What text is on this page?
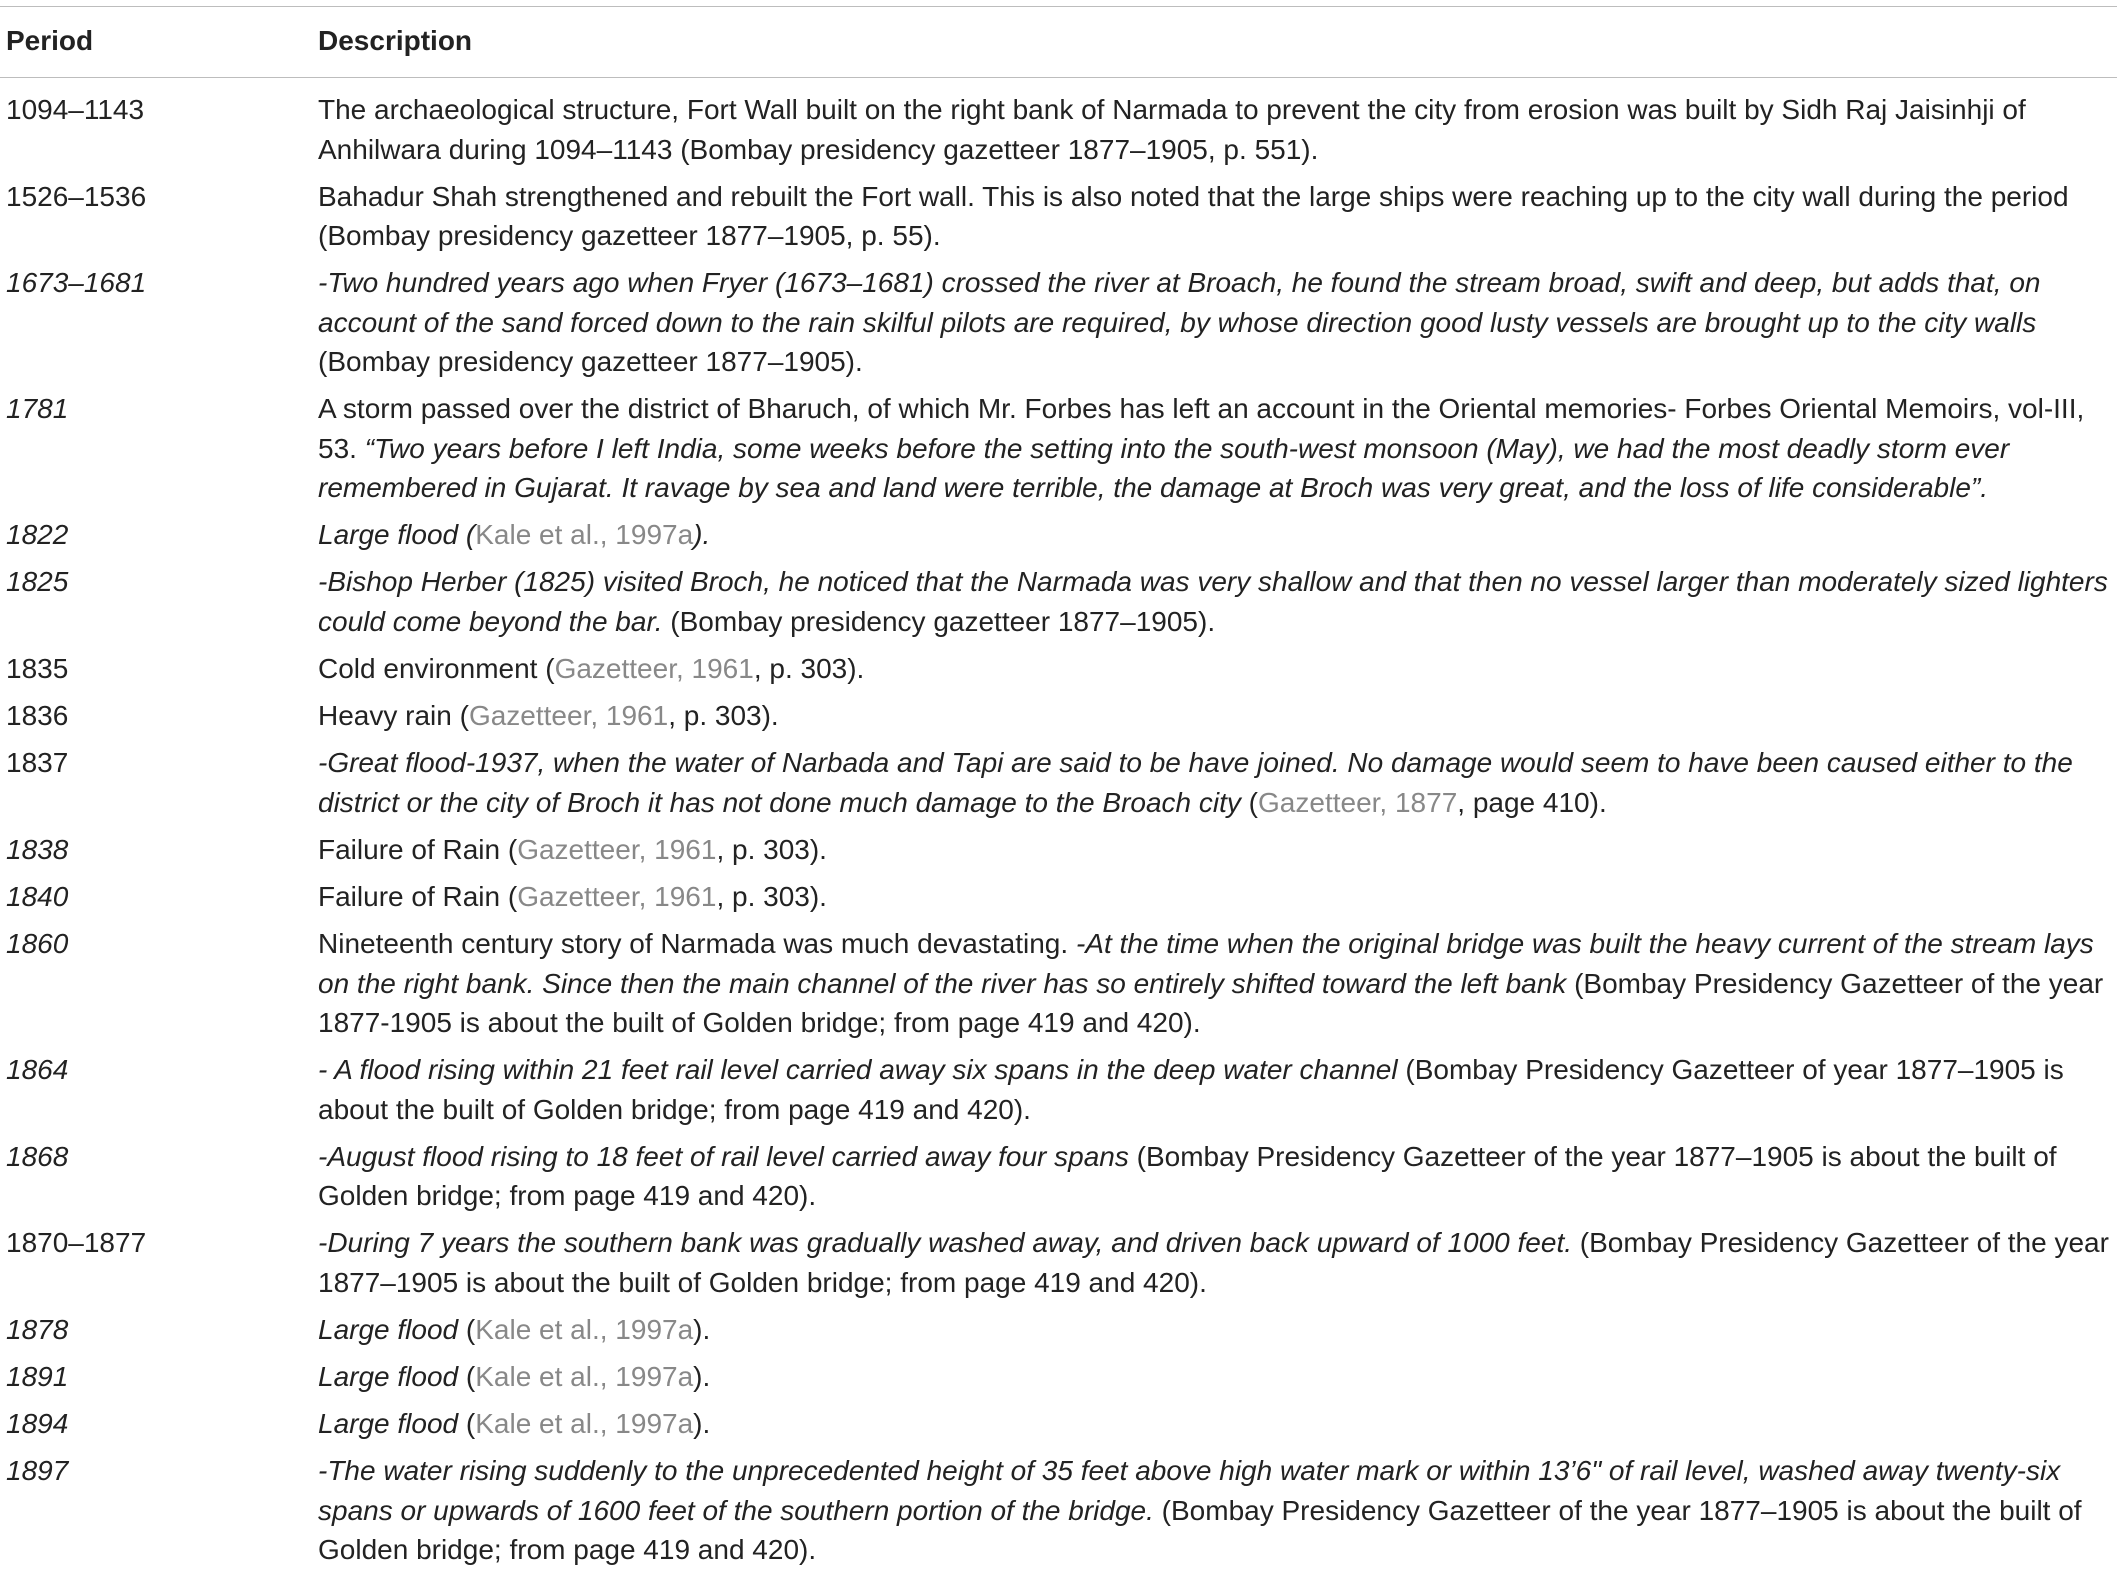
Period	Description
1094–1143	The archaeological structure, Fort Wall built on the right bank of Narmada to prevent the city from erosion was built by Sidh Raj Jaisinhji of Anhilwara during 1094–1143 (Bombay presidency gazetteer 1877–1905, p. 551).
1526–1536	Bahadur Shah strengthened and rebuilt the Fort wall. This is also noted that the large ships were reaching up to the city wall during the period (Bombay presidency gazetteer 1877–1905, p. 55).
1673–1681	-Two hundred years ago when Fryer (1673–1681) crossed the river at Broach, he found the stream broad, swift and deep, but adds that, on account of the sand forced down to the rain skilful pilots are required, by whose direction good lusty vessels are brought up to the city walls (Bombay presidency gazetteer 1877–1905).
1781	A storm passed over the district of Bharuch, of which Mr. Forbes has left an account in the Oriental memories- Forbes Oriental Memoirs, vol-III, 53. “Two years before I left India, some weeks before the setting into the south-west monsoon (May), we had the most deadly storm ever remembered in Gujarat. It ravage by sea and land were terrible, the damage at Broch was very great, and the loss of life considerable”.
1822	Large flood (Kale et al., 1997a).
1825	-Bishop Herber (1825) visited Broch, he noticed that the Narmada was very shallow and that then no vessel larger than moderately sized lighters could come beyond the bar. (Bombay presidency gazetteer 1877–1905).
1835	Cold environment (Gazetteer, 1961, p. 303).
1836	Heavy rain (Gazetteer, 1961, p. 303).
1837	-Great flood-1937, when the water of Narbada and Tapi are said to be have joined. No damage would seem to have been caused either to the district or the city of Broch it has not done much damage to the Broach city (Gazetteer, 1877, page 410).
1838	Failure of Rain (Gazetteer, 1961, p. 303).
1840	Failure of Rain (Gazetteer, 1961, p. 303).
1860	Nineteenth century story of Narmada was much devastating. -At the time when the original bridge was built the heavy current of the stream lays on the right bank. Since then the main channel of the river has so entirely shifted toward the left bank (Bombay Presidency Gazetteer of the year 1877-1905 is about the built of Golden bridge; from page 419 and 420).
1864	- A flood rising within 21 feet rail level carried away six spans in the deep water channel (Bombay Presidency Gazetteer of year 1877–1905 is about the built of Golden bridge; from page 419 and 420).
1868	-August flood rising to 18 feet of rail level carried away four spans (Bombay Presidency Gazetteer of the year 1877–1905 is about the built of Golden bridge; from page 419 and 420).
1870–1877	-During 7 years the southern bank was gradually washed away, and driven back upward of 1000 feet. (Bombay Presidency Gazetteer of the year 1877–1905 is about the built of Golden bridge; from page 419 and 420).
1878	Large flood (Kale et al., 1997a).
1891	Large flood (Kale et al., 1997a).
1894	Large flood (Kale et al., 1997a).
1897	-The water rising suddenly to the unprecedented height of 35 feet above high water mark or within 13’6" of rail level, washed away twenty-six spans or upwards of 1600 feet of the southern portion of the bridge. (Bombay Presidency Gazetteer of the year 1877–1905 is about the built of Golden bridge; from page 419 and 420).
